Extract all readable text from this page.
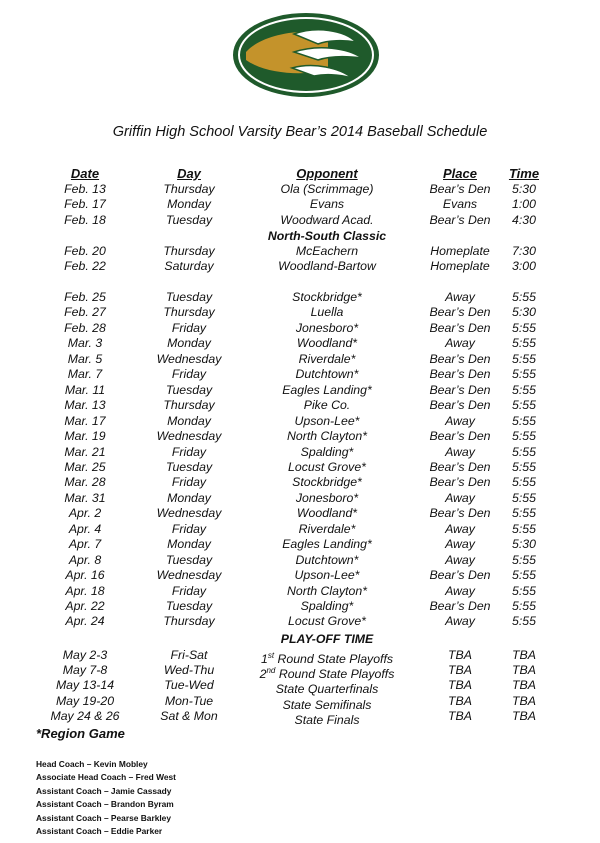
Griffin High School Varsity Bear’s 2014 Baseball Schedule
Date	Day	Opponent	Place	Time
Feb. 13	Thursday	Ola (Scrimmage)	Bear’s Den	5:30
Feb. 17	Monday	Evans	Evans	1:00
Feb. 18	Tuesday	Woodward Acad.	Bear’s Den	4:30
Feb. 20	Thursday	McEachern	Homeplate	7:30
Feb. 22	Saturday	Woodland-Bartow	Homeplate	3:00
Feb. 25	Tuesday	Stockbridge*	Away	5:55
Feb. 27	Thursday	Luella	Bear’s Den	5:30
Feb. 28	Friday	Jonesboro*	Bear’s Den	5:55
Mar. 3	Monday	Woodland*	Away	5:55
Mar. 5	Wednesday	Riverdale*	Bear’s Den	5:55
Mar. 7	Friday	Dutchtown*	Bear’s Den	5:55
Mar. 11	Tuesday	Eagles Landing*	Bear’s Den	5:55
Mar. 13	Thursday	Pike Co.	Bear’s Den	5:55
Mar. 17	Monday	Upson-Lee*	Away	5:55
Mar. 19	Wednesday	North Clayton*	Bear’s Den	5:55
Mar. 21	Friday	Spalding*	Away	5:55
Mar. 25	Tuesday	Locust Grove*	Bear’s Den	5:55
Mar. 28	Friday	Stockbridge*	Bear’s Den	5:55
Mar. 31	Monday	Jonesboro*	Away	5:55
Apr. 2	Wednesday	Woodland*	Bear’s Den	5:55
Apr. 4	Friday	Riverdale*	Away	5:55
Apr. 7	Monday	Eagles Landing*	Away	5:30
Apr. 8	Tuesday	Dutchtown*	Away	5:55
Apr. 16	Wednesday	Upson-Lee*	Bear’s Den	5:55
Apr. 18	Friday	North Clayton*	Away	5:55
Apr. 22	Tuesday	Spalding*	Bear’s Den	5:55
Apr. 24	Thursday	Locust Grove*	Away	5:55
May 2-3	Fri-Sat	1st Round State Playoffs	TBA	TBA
May 7-8	Wed-Thu	2nd Round State Playoffs	TBA	TBA
May 13-14	Tue-Wed	State Quarterfinals	TBA	TBA
May 19-20	Mon-Tue	State Semifinals	TBA	TBA
May 24 & 26	Sat & Mon	State Finals	TBA	TBA
North-South Classic
PLAY-OFF TIME
*Region Game
Head Coach – Kevin Mobley
Associate Head Coach – Fred West
Assistant Coach – Jamie Cassady
Assistant Coach – Brandon Byram
Assistant Coach – Pearse Barkley
Assistant Coach – Eddie Parker
